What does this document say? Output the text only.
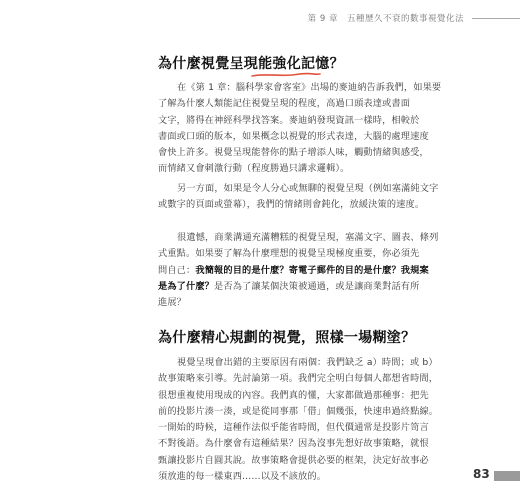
第 9 章　五種歷久不衰的數事視覺化法
為什麼視覺呈現能強化記憶？
在《第 1 章：腦科學家會客室》出場的麥迪納告訴我們，如果要
了解為什麼人類能記住視覺呈現的程度，高過口頭表達或書面
文字，將得在神經科學找答案。麥迪納發現資訊一樣時，相較於
書面或口頭的版本，如果概念以視覺的形式表達，大腦的處理速度
會快上許多。視覺呈現能替你的點子增添人味，觸動情緒與感受，
而情緒又會刺激行動（程度勝過只講求邏輯）。
另一方面，如果是令人分心或無聊的視覺呈現（例如塞滿純文字
或數字的頁面或螢幕），我們的情緒則會鈍化，放緩決策的速度。
很遺憾，商業溝通充滿糟糕的視覺呈現，塞滿文字、圖表、條列
式重點。如果要了解為什麼理想的視覺呈現極度重要，你必須先
問自己：我簡報的目的是什麼？寄電子郵件的目的是什麼？我規案
是為了什麼？是否為了讓某個決策被通過，或是讓商業對話有所
進展？
為什麼精心規劃的視覺，照樣一場糊塗？
視覺呈現會出錯的主要原因有兩個：我們缺乏 a）時間；或 b）
故事策略來引導。先討論第一項。我們完全明白每個人都想省時間，
很想重複使用現成的內容。我們真的懂，大家都做過那種事：把先
前的投影片湊一湊，或是從同事那「借」個幾張，快速串過終點線。
一開始的時候，這種作法似乎能省時間，但代價通常是投影片笥言
不對後語。為什麼會有這種結果？因為沒事先想好故事策略，就恨
甄讓投影片自圓其說。故事策略會提供必要的框架，決定好故事必
須放進的每一樣東西……以及不該放的。	83
